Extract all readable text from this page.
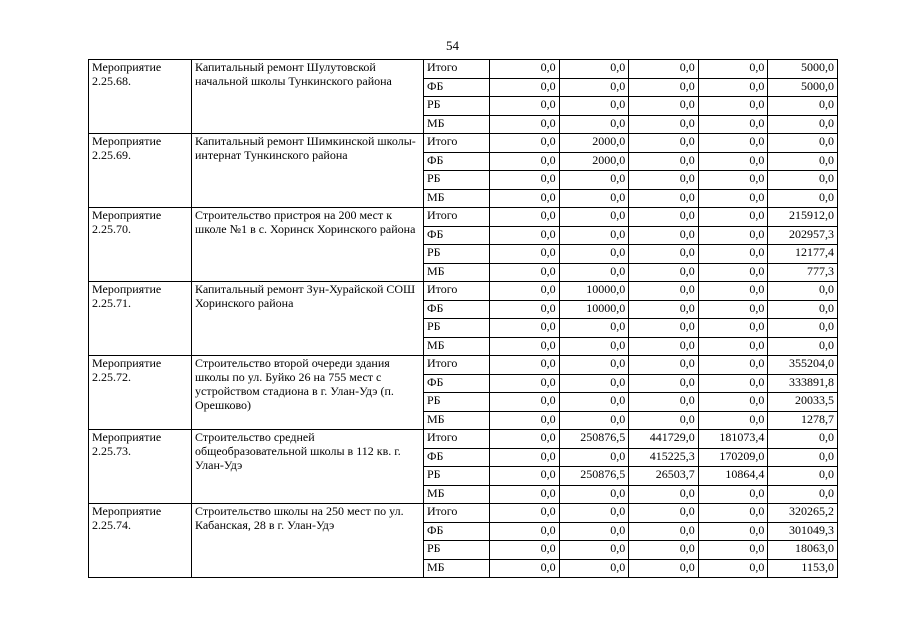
54
Мероприятие 2.25.68.	Капитальный ремонт Шулутовской начальной школы Тункинского района	Итого	0,0	0,0	0,0	0,0	5000,0
		ФБ	0,0	0,0	0,0	0,0	5000,0
		РБ	0,0	0,0	0,0	0,0	0,0
		МБ	0,0	0,0	0,0	0,0	0,0
Мероприятие 2.25.69.	Капитальный ремонт Шимкинской школы-интернат Тункинского района	Итого	0,0	2000,0	0,0	0,0	0,0
		ФБ	0,0	2000,0	0,0	0,0	0,0
		РБ	0,0	0,0	0,0	0,0	0,0
		МБ	0,0	0,0	0,0	0,0	0,0
Мероприятие 2.25.70.	Строительство пристроя на 200 мест к школе №1 в с. Хоринск Хоринского района	Итого	0,0	0,0	0,0	0,0	215912,0
		ФБ	0,0	0,0	0,0	0,0	202957,3
		РБ	0,0	0,0	0,0	0,0	12177,4
		МБ	0,0	0,0	0,0	0,0	777,3
Мероприятие 2.25.71.	Капитальный ремонт Зун-Хурайской СОШ Хоринского района	Итого	0,0	10000,0	0,0	0,0	0,0
		ФБ	0,0	10000,0	0,0	0,0	0,0
		РБ	0,0	0,0	0,0	0,0	0,0
		МБ	0,0	0,0	0,0	0,0	0,0
Мероприятие 2.25.72.	Строительство второй очереди здания школы по ул. Буйко 26 на 755 мест с устройством стадиона в г. Улан-Удэ (п. Орешково)	Итого	0,0	0,0	0,0	0,0	355204,0
		ФБ	0,0	0,0	0,0	0,0	333891,8
		РБ	0,0	0,0	0,0	0,0	20033,5
		МБ	0,0	0,0	0,0	0,0	1278,7
Мероприятие 2.25.73.	Строительство средней общеобразовательной школы в 112 кв. г. Улан-Удэ	Итого	0,0	250876,5	441729,0	181073,4	0,0
		ФБ	0,0	0,0	415225,3	170209,0	0,0
		РБ	0,0	250876,5	26503,7	10864,4	0,0
		МБ	0,0	0,0	0,0	0,0	0,0
Мероприятие 2.25.74.	Строительство школы на 250 мест по ул. Кабанская, 28 в г. Улан-Удэ	Итого	0,0	0,0	0,0	0,0	320265,2
		ФБ	0,0	0,0	0,0	0,0	301049,3
		РБ	0,0	0,0	0,0	0,0	18063,0
		МБ	0,0	0,0	0,0	0,0	1153,0
